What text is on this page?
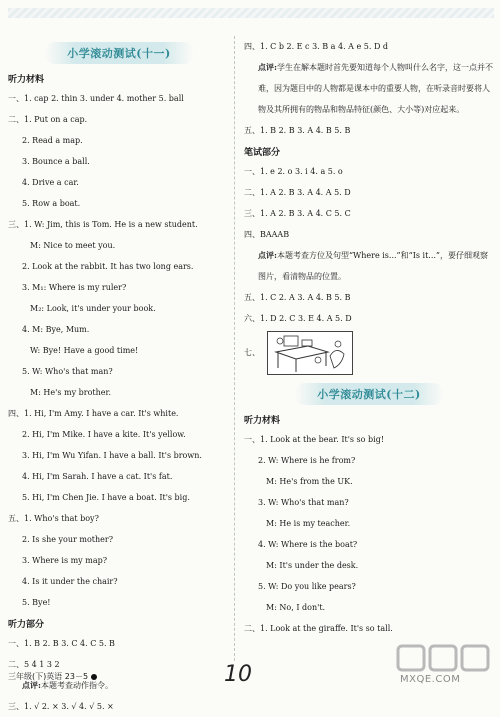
小学滚动测试(十一)
听力材料
一、1. cap 2. thin 3. under 4. mother 5. ball
二、1. Put on a cap.
2. Read a map.
3. Bounce a ball.
4. Drive a car.
5. Row a boat.
三、1. W: Jim, this is Tom. He is a new student.
M: Nice to meet you.
2. Look at the rabbit. It has two long ears.
3. M₁: Where is my ruler?
M₂: Look, it's under your book.
4. M: Bye, Mum.
W: Bye! Have a good time!
5. W: Who's that man?
M: He's my brother.
四、1. Hi, I'm Amy. I have a car. It's white.
2. Hi, I'm Mike. I have a kite. It's yellow.
3. Hi, I'm Wu Yifan. I have a ball. It's brown.
4. Hi, I'm Sarah. I have a cat. It's fat.
5. Hi, I'm Chen Jie. I have a boat. It's big.
五、1. Who's that boy?
2. Is she your mother?
3. Where is my map?
4. Is it under the chair?
5. Bye!
听力部分
一、1. B 2. B 3. C 4. C 5. B
二、5 4 1 3 2
点评:本题考查动作指令。
三、1. √ 2. × 3. √ 4. √ 5. ×
四、1. C b 2. E c 3. B a 4. A e 5. D d
点评:学生在解本题时首先要知道每个人物叫什么名字，这一点并不难，因为题目中的人物都是课本中的重要人物，在听录音时要将人物及其所拥有的物品和物品特征(颜色、大小等)对应起来。
五、1. B 2. B 3. A 4. B 5. B
笔试部分
一、1. e 2. o 3. i 4. a 5. o
二、1. A 2. B 3. A 4. A 5. D
三、1. A 2. B 3. A 4. C 5. C
四、BAAAB
点评:本题考查方位及句型“Where is...”和“Is it...”，要仔细观察图片，看清物品的位置。
五、1. C 2. A 3. A 4. B 5. B
六、1. D 2. C 3. E 4. A 5. D
七、
小学滚动测试(十二)
听力材料
一、1. Look at the bear. It's so big!
2. W: Where is he from?
M: He's from the UK.
3. W: Who's that man?
M: He is my teacher.
4. W: Where is the boat?
M: It's under the desk.
5. W: Do you like pears?
M: No, I don't.
二、1. Look at the giraffe. It's so tall.
三年级(下)英语 23－5	10	MXQE.COM
